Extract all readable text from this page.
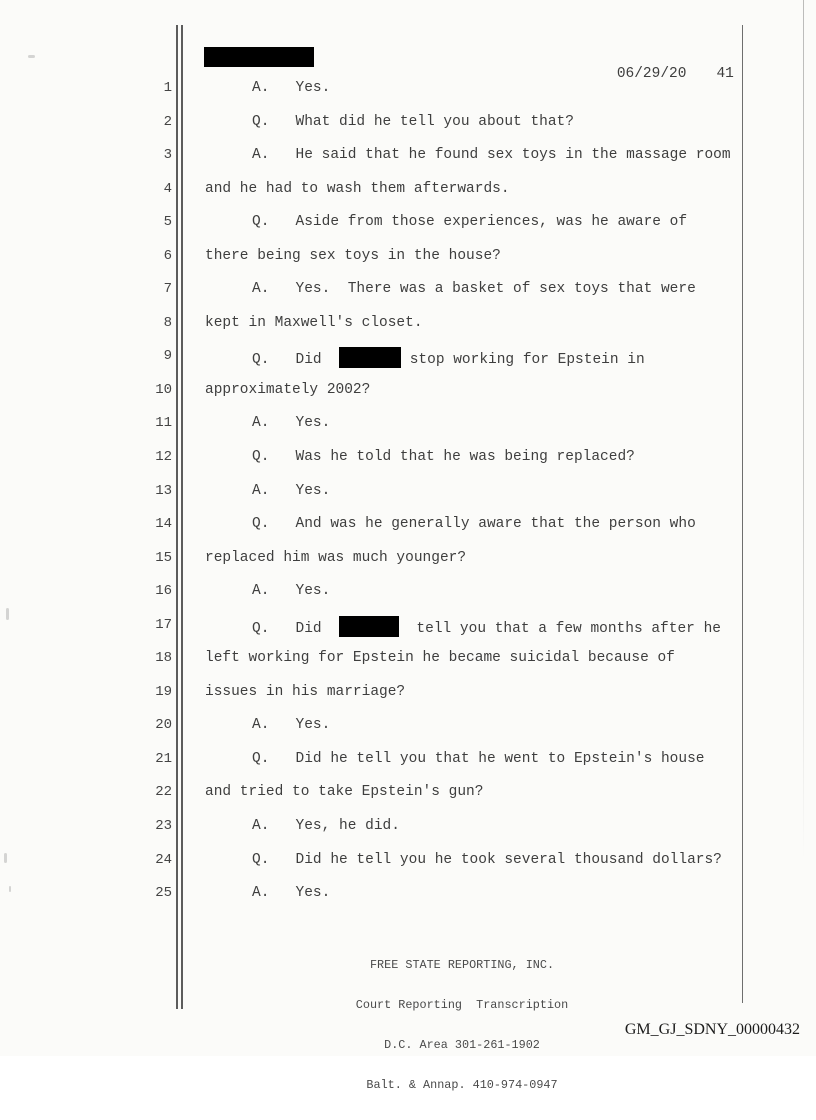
06/29/20 41

1	A.   Yes.
2	Q.   What did he tell you about that?
3	A.   He said that he found sex toys in the massage room
4 and he had to wash them afterwards.
5	Q.   Aside from those experiences, was he aware of
6 there being sex toys in the house?
7	A.   Yes.  There was a basket of sex toys that were
8 kept in Maxwell's closet.
9	Q.   Did	stop working for Epstein in
10 approximately 2002?
11	A.   Yes.
12	Q.   Was he told that he was being replaced?
13	A.   Yes.
14	Q.   And was he generally aware that the person who
15 replaced him was much younger?
16	A.   Yes.
17	Q.   Did	tell you that a few months after he
18 left working for Epstein he became suicidal because of
19 issues in his marriage?
20	A.   Yes.
21	Q.   Did he tell you that he went to Epstein's house
22 and tried to take Epstein's gun?
23	A.   Yes, he did.
24	Q.   Did he tell you he took several thousand dollars?
25	A.   Yes.

FREE STATE REPORTING, INC.

Court Reporting  Transcription

D.C. Area 301-261-1902

Balt. & Annap. 410-974-0947

GM_GJ_SDNY_00000432
